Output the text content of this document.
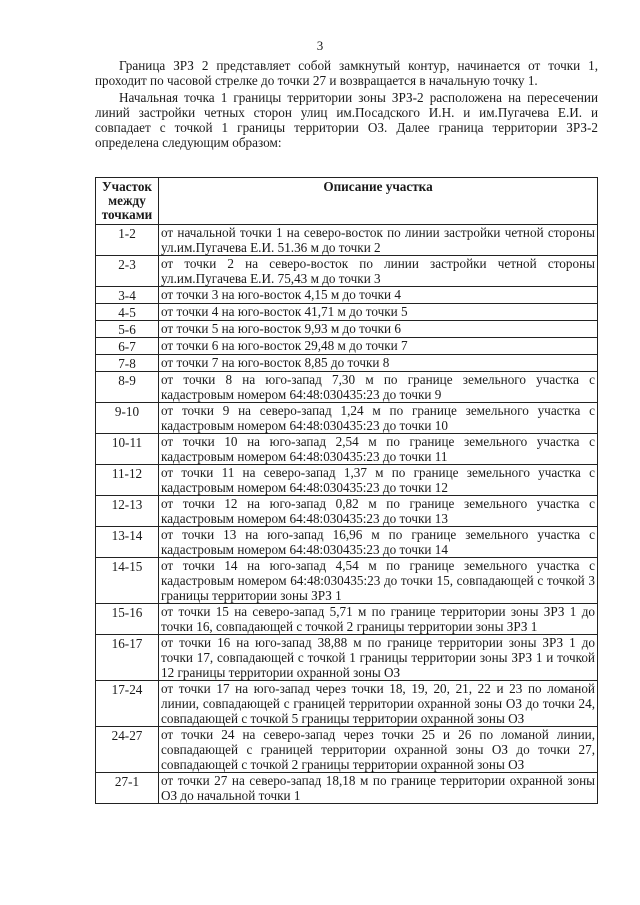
3

Граница ЗРЗ 2 представляет собой замкнутый контур, начинается от точки 1, проходит по часовой стрелке до точки 27 и возвращается в начальную точку 1.

Начальная точка 1 границы территории зоны ЗРЗ-2 расположена на пересечении линий застройки четных сторон улиц им.Посадского И.Н. и им.Пугачева Е.И. и совпадает с точкой 1 границы территории ОЗ. Далее граница территории ЗРЗ-2 определена следующим образом:

Участок между точками	Описание участка
1-2	от начальной точки 1 на северо-восток по линии застройки четной стороны ул.им.Пугачева Е.И. 51.36 м до точки 2
2-3	от точки 2 на северо-восток по линии застройки четной стороны ул.им.Пугачева Е.И. 75,43 м до точки 3
3-4	от точки 3 на юго-восток 4,15 м до точки 4
4-5	от точки 4 на юго-восток 41,71 м до точки 5
5-6	от точки 5 на юго-восток 9,93 м до точки 6
6-7	от точки 6 на юго-восток 29,48 м до точки 7
7-8	от точки 7 на юго-восток 8,85 до точки 8
8-9	от точки 8 на юго-запад 7,30 м по границе земельного участка с кадастровым номером 64:48:030435:23 до точки 9
9-10	от точки 9 на северо-запад 1,24 м по границе земельного участка с кадастровым номером 64:48:030435:23 до точки 10
10-11	от точки 10 на юго-запад 2,54 м по границе земельного участка с кадастровым номером 64:48:030435:23 до точки 11
11-12	от точки 11 на северо-запад 1,37 м по границе земельного участка с кадастровым номером 64:48:030435:23 до точки 12
12-13	от точки 12 на юго-запад 0,82 м по границе земельного участка с кадастровым номером 64:48:030435:23 до точки 13
13-14	от точки 13 на юго-запад 16,96 м по границе земельного участка с кадастровым номером 64:48:030435:23 до точки 14
14-15	от точки 14 на юго-запад 4,54 м по границе земельного участка с кадастровым номером 64:48:030435:23 до точки 15, совпадающей с точкой 3 границы территории зоны ЗРЗ 1
15-16	от точки 15 на северо-запад 5,71 м по границе территории зоны ЗРЗ 1 до точки 16, совпадающей с точкой 2 границы территории зоны ЗРЗ 1
16-17	от точки 16 на юго-запад 38,88 м по границе территории зоны ЗРЗ 1 до точки 17, совпадающей с точкой 1 границы территории зоны ЗРЗ 1 и точкой 12 границы территории охранной зоны ОЗ
17-24	от точки 17 на юго-запад через точки 18, 19, 20, 21, 22 и 23 по ломаной линии, совпадающей с границей территории охранной зоны ОЗ до точки 24, совпадающей с точкой 5 границы территории охранной зоны ОЗ
24-27	от точки 24 на северо-запад через точки 25 и 26 по ломаной линии, совпадающей с границей территории охранной зоны ОЗ до точки 27, совпадающей с точкой 2 границы территории охранной зоны ОЗ
27-1	от точки 27 на северо-запад 18,18 м по границе территории охранной зоны ОЗ до начальной точки 1
